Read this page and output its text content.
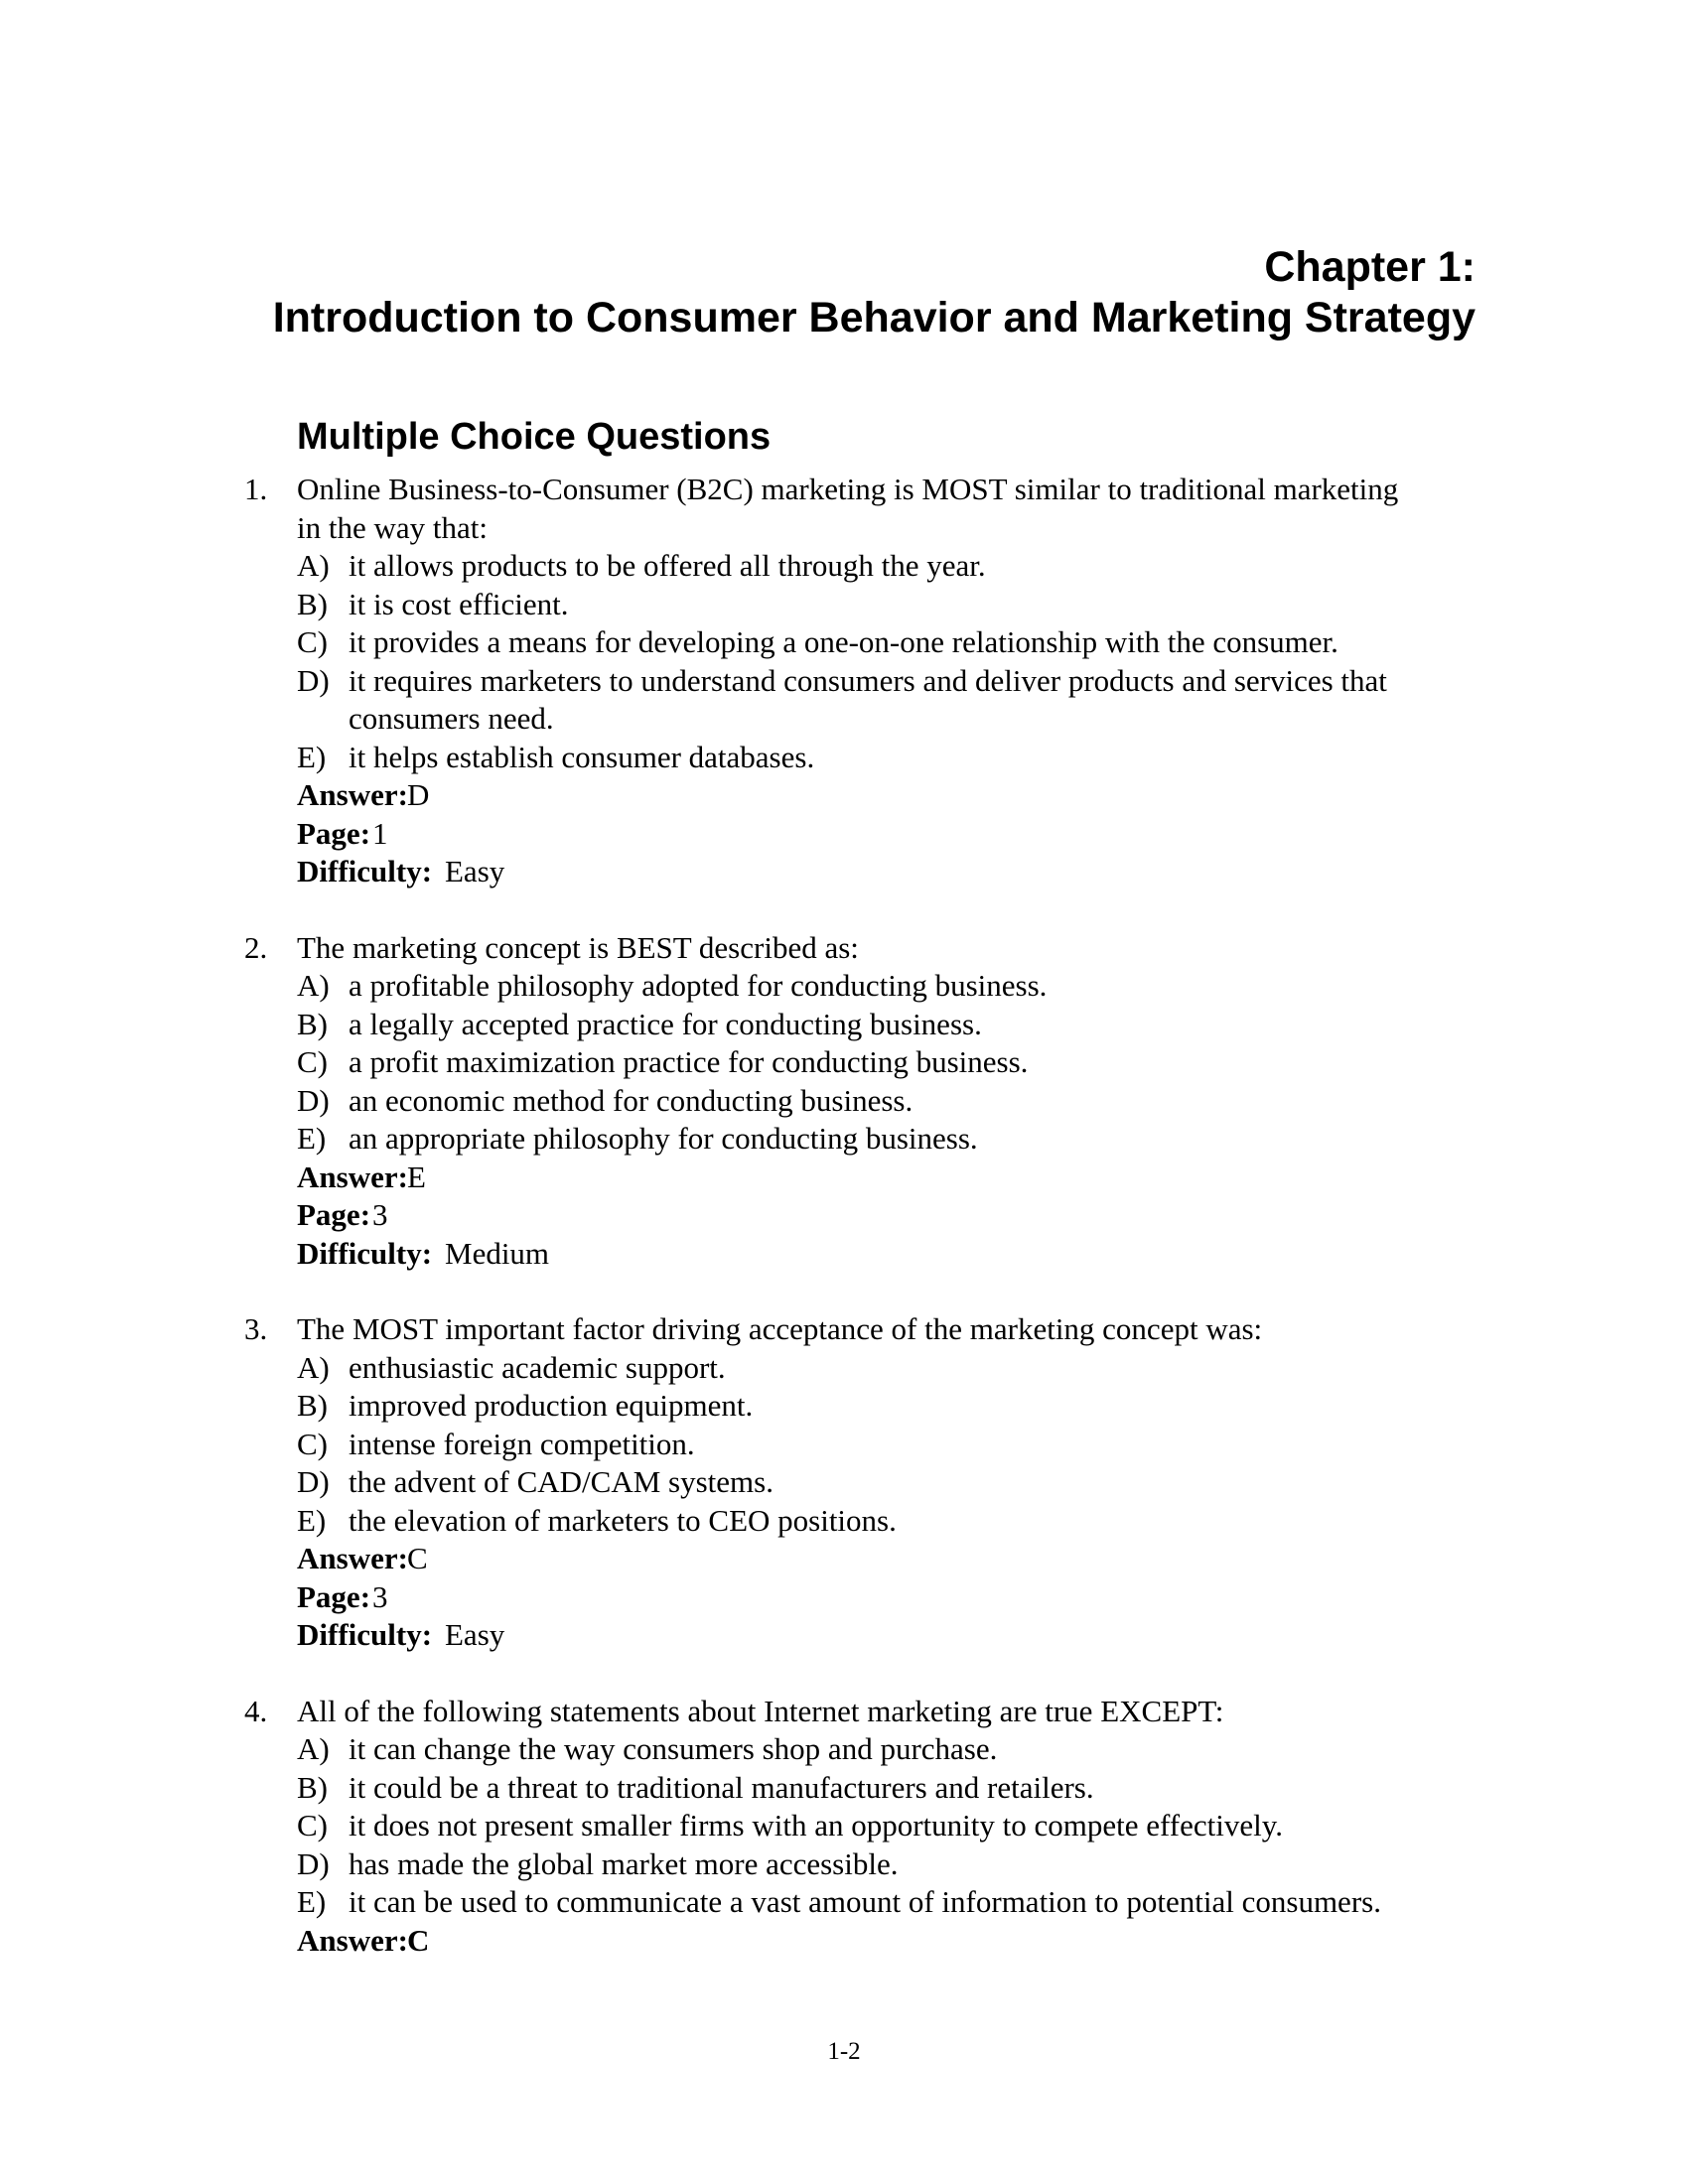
Chapter 1:
Introduction to Consumer Behavior and Marketing Strategy
Multiple Choice Questions
1. Online Business-to-Consumer (B2C) marketing is MOST similar to traditional marketing
in the way that:
A) it allows products to be offered all through the year.
B) it is cost efficient.
C) it provides a means for developing a one-on-one relationship with the consumer.
D) it requires marketers to understand consumers and deliver products and services that
consumers need.
E) it helps establish consumer databases.
Answer: D
Page: 1
Difficulty: Easy
2. The marketing concept is BEST described as:
A) a profitable philosophy adopted for conducting business.
B) a legally accepted practice for conducting business.
C) a profit maximization practice for conducting business.
D) an economic method for conducting business.
E) an appropriate philosophy for conducting business.
Answer: E
Page: 3
Difficulty: Medium
3. The MOST important factor driving acceptance of the marketing concept was:
A) enthusiastic academic support.
B) improved production equipment.
C) intense foreign competition.
D) the advent of CAD/CAM systems.
E) the elevation of marketers to CEO positions.
Answer: C
Page: 3
Difficulty: Easy
4. All of the following statements about Internet marketing are true EXCEPT:
A) it can change the way consumers shop and purchase.
B) it could be a threat to traditional manufacturers and retailers.
C) it does not present smaller firms with an opportunity to compete effectively.
D) has made the global market more accessible.
E) it can be used to communicate a vast amount of information to potential consumers.
Answer: C
1-2
